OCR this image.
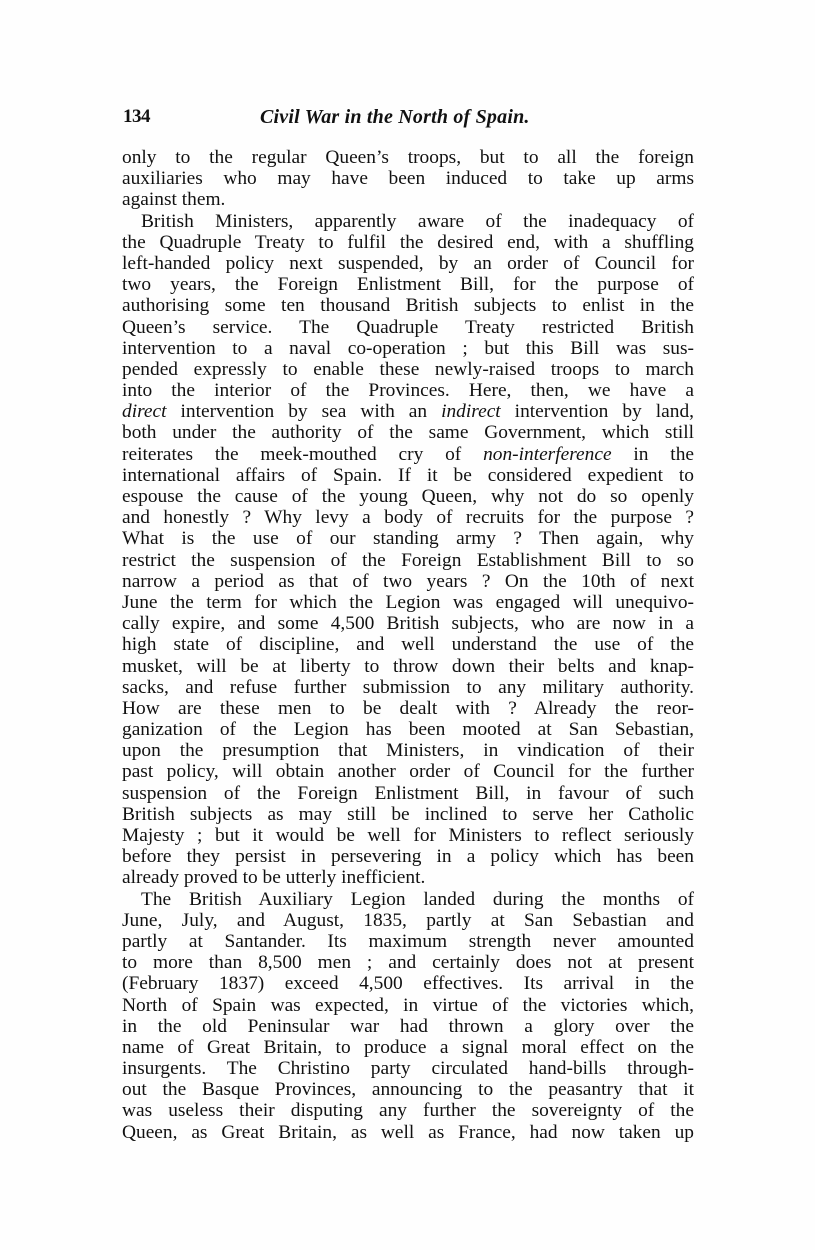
134	Civil War in the North of Spain.
only to the regular Queen’s troops, but to all the foreign
auxiliaries who may have been induced to take up arms
against them.
British Ministers, apparently aware of the inadequacy of
the Quadruple Treaty to fulfil the desired end, with a shuffling
left-handed policy next suspended, by an order of Council for
two years, the Foreign Enlistment Bill, for the purpose of
authorising some ten thousand British subjects to enlist in the
Queen’s service. The Quadruple Treaty restricted British
intervention to a naval co-operation ; but this Bill was sus-
pended expressly to enable these newly-raised troops to march
into the interior of the Provinces. Here, then, we have a
direct intervention by sea with an indirect intervention by land,
both under the authority of the same Government, which still
reiterates the meek-mouthed cry of non-interference in the
international affairs of Spain. If it be considered expedient to
espouse the cause of the young Queen, why not do so openly
and honestly ? Why levy a body of recruits for the purpose ?
What is the use of our standing army ? Then again, why
restrict the suspension of the Foreign Establishment Bill to so
narrow a period as that of two years ? On the 10th of next
June the term for which the Legion was engaged will unequivo-
cally expire, and some 4,500 British subjects, who are now in a
high state of discipline, and well understand the use of the
musket, will be at liberty to throw down their belts and knap-
sacks, and refuse further submission to any military authority.
How are these men to be dealt with ? Already the reor-
ganization of the Legion has been mooted at San Sebastian,
upon the presumption that Ministers, in vindication of their
past policy, will obtain another order of Council for the further
suspension of the Foreign Enlistment Bill, in favour of such
British subjects as may still be inclined to serve her Catholic
Majesty ; but it would be well for Ministers to reflect seriously
before they persist in persevering in a policy which has been
already proved to be utterly inefficient.
The British Auxiliary Legion landed during the months of
June, July, and August, 1835, partly at San Sebastian and
partly at Santander. Its maximum strength never amounted
to more than 8,500 men ; and certainly does not at present
(February 1837) exceed 4,500 effectives. Its arrival in the
North of Spain was expected, in virtue of the victories which,
in the old Peninsular war had thrown a glory over the
name of Great Britain, to produce a signal moral effect on the
insurgents. The Christino party circulated hand-bills through-
out the Basque Provinces, announcing to the peasantry that it
was useless their disputing any further the sovereignty of the
Queen, as Great Britain, as well as France, had now taken up
